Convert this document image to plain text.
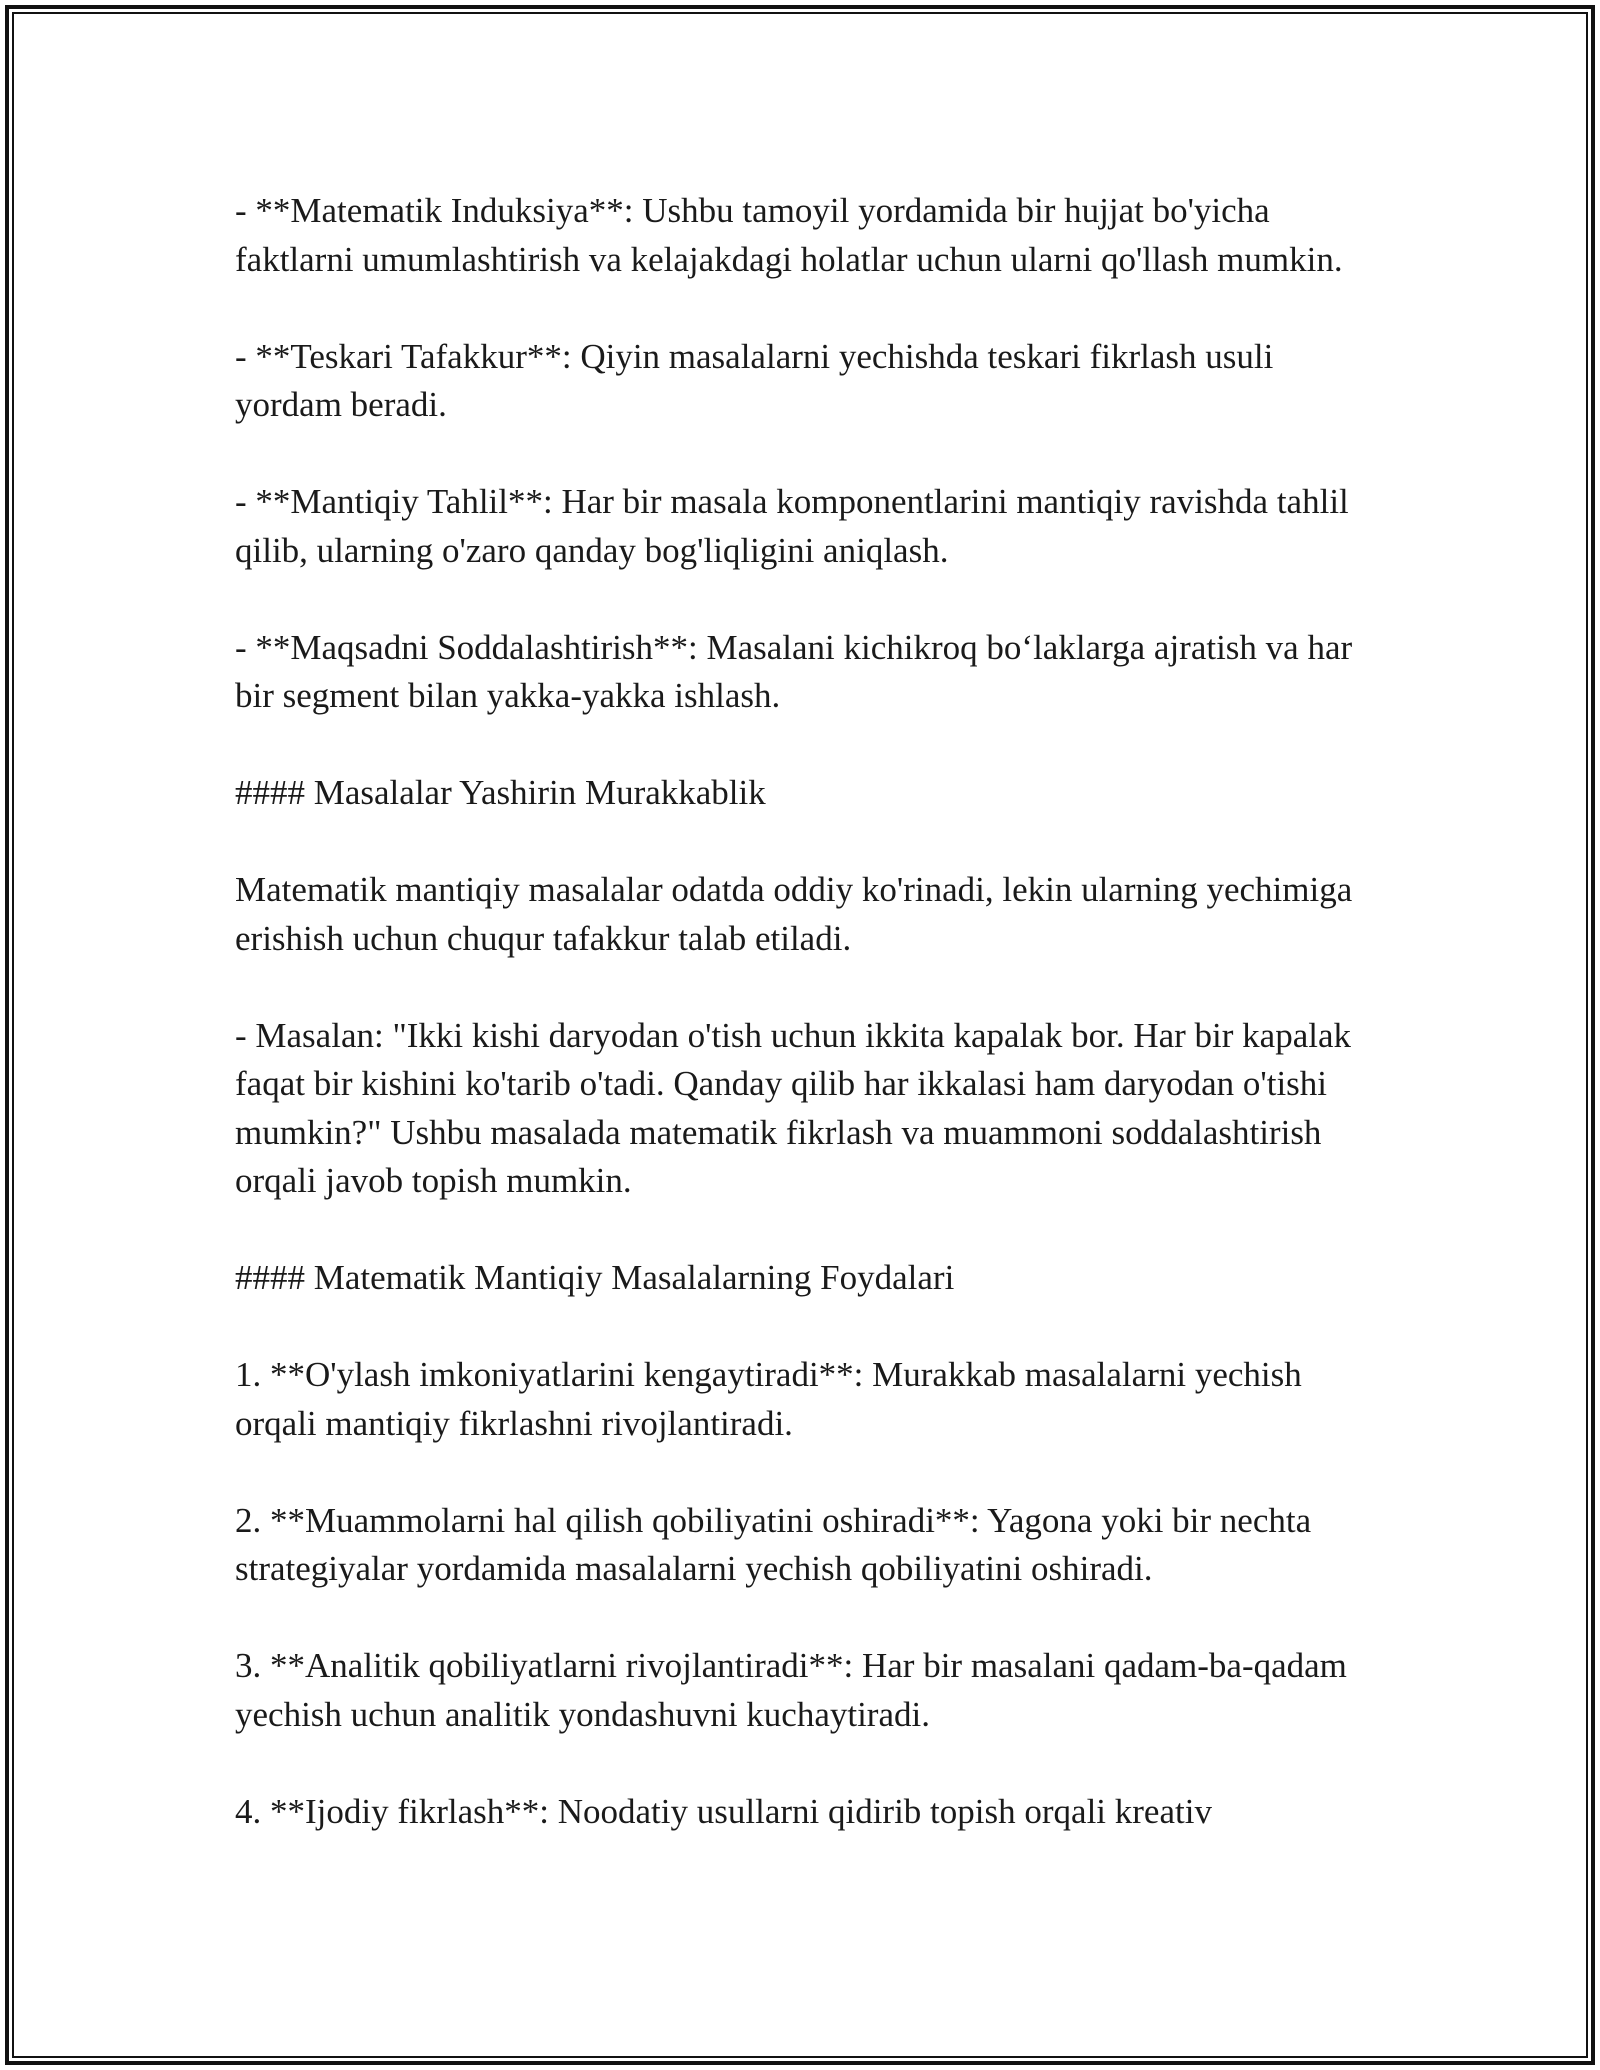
- **Matematik Induksiya**: Ushbu tamoyil yordamida bir hujjat bo'yicha faktlarni umumlashtirish va kelajakdagi holatlar uchun ularni qo'llash mumkin.

- **Teskari Tafakkur**: Qiyin masalalarni yechishda teskari fikrlash usuli yordam beradi.

- **Mantiqiy Tahlil**: Har bir masala komponentlarini mantiqiy ravishda tahlil qilib, ularning o'zaro qanday bog'liqligini aniqlash.

- **Maqsadni Soddalashtirish**: Masalani kichikroq bo‘laklarga ajratish va har bir segment bilan yakka-yakka ishlash.

#### Masalalar Yashirin Murakkablik

Matematik mantiqiy masalalar odatda oddiy ko'rinadi, lekin ularning yechimiga erishish uchun chuqur tafakkur talab etiladi.

- Masalan: "Ikki kishi daryodan o'tish uchun ikkita kapalak bor. Har bir kapalak faqat bir kishini ko'tarib o'tadi. Qanday qilib har ikkalasi ham daryodan o'tishi mumkin?" Ushbu masalada matematik fikrlash va muammoni soddalashtirish orqali javob topish mumkin.

#### Matematik Mantiqiy Masalalarning Foydalari

1. **O'ylash imkoniyatlarini kengaytiradi**: Murakkab masalalarni yechish orqali mantiqiy fikrlashni rivojlantiradi.

2. **Muammolarni hal qilish qobiliyatini oshiradi**: Yagona yoki bir nechta strategiyalar yordamida masalalarni yechish qobiliyatini oshiradi.

3. **Analitik qobiliyatlarni rivojlantiradi**: Har bir masalani qadam-ba-qadam yechish uchun analitik yondashuvni kuchaytiradi.

4. **Ijodiy fikrlash**: Noodatiy usullarni qidirib topish orqali kreativ
